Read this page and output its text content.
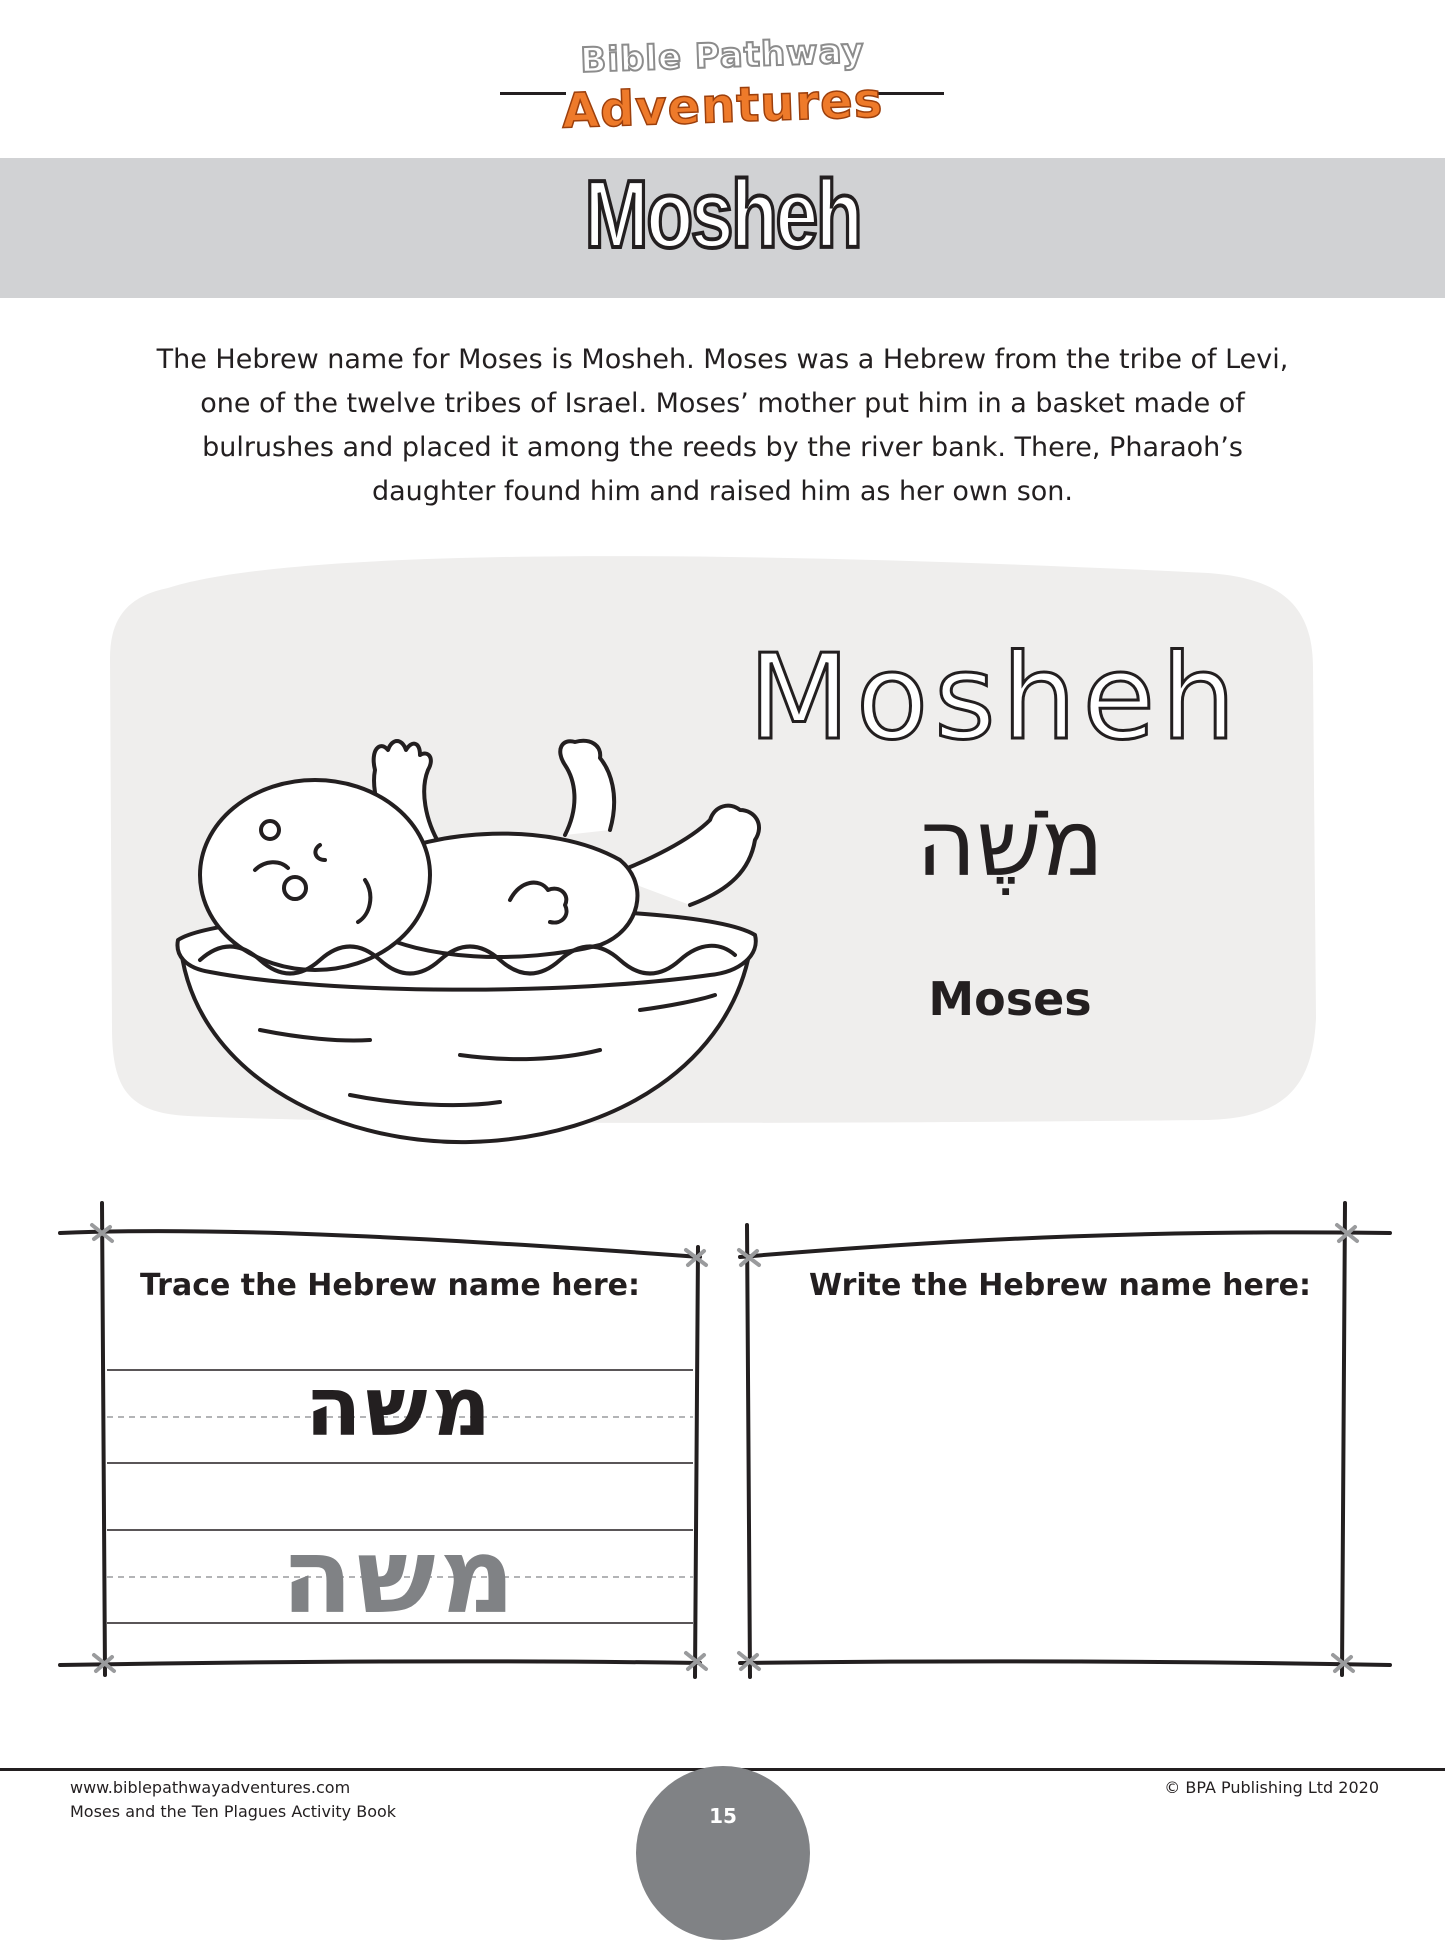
Bible Pathway
Adventures
Mosheh
The Hebrew name for Moses is Mosheh. Moses was a Hebrew from the tribe of Levi,
one of the twelve tribes of Israel. Moses’ mother put him in a basket made of
bulrushes and placed it among the reeds by the river bank. There, Pharaoh’s
daughter found him and raised him as her own son.
Mosheh
מֹשֶׁה
Moses
Trace the Hebrew name here:
משה
משה
Write the Hebrew name here:
www.biblepathwayadventures.com
Moses and the Ten Plagues Activity Book
© BPA Publishing Ltd 2020
15
